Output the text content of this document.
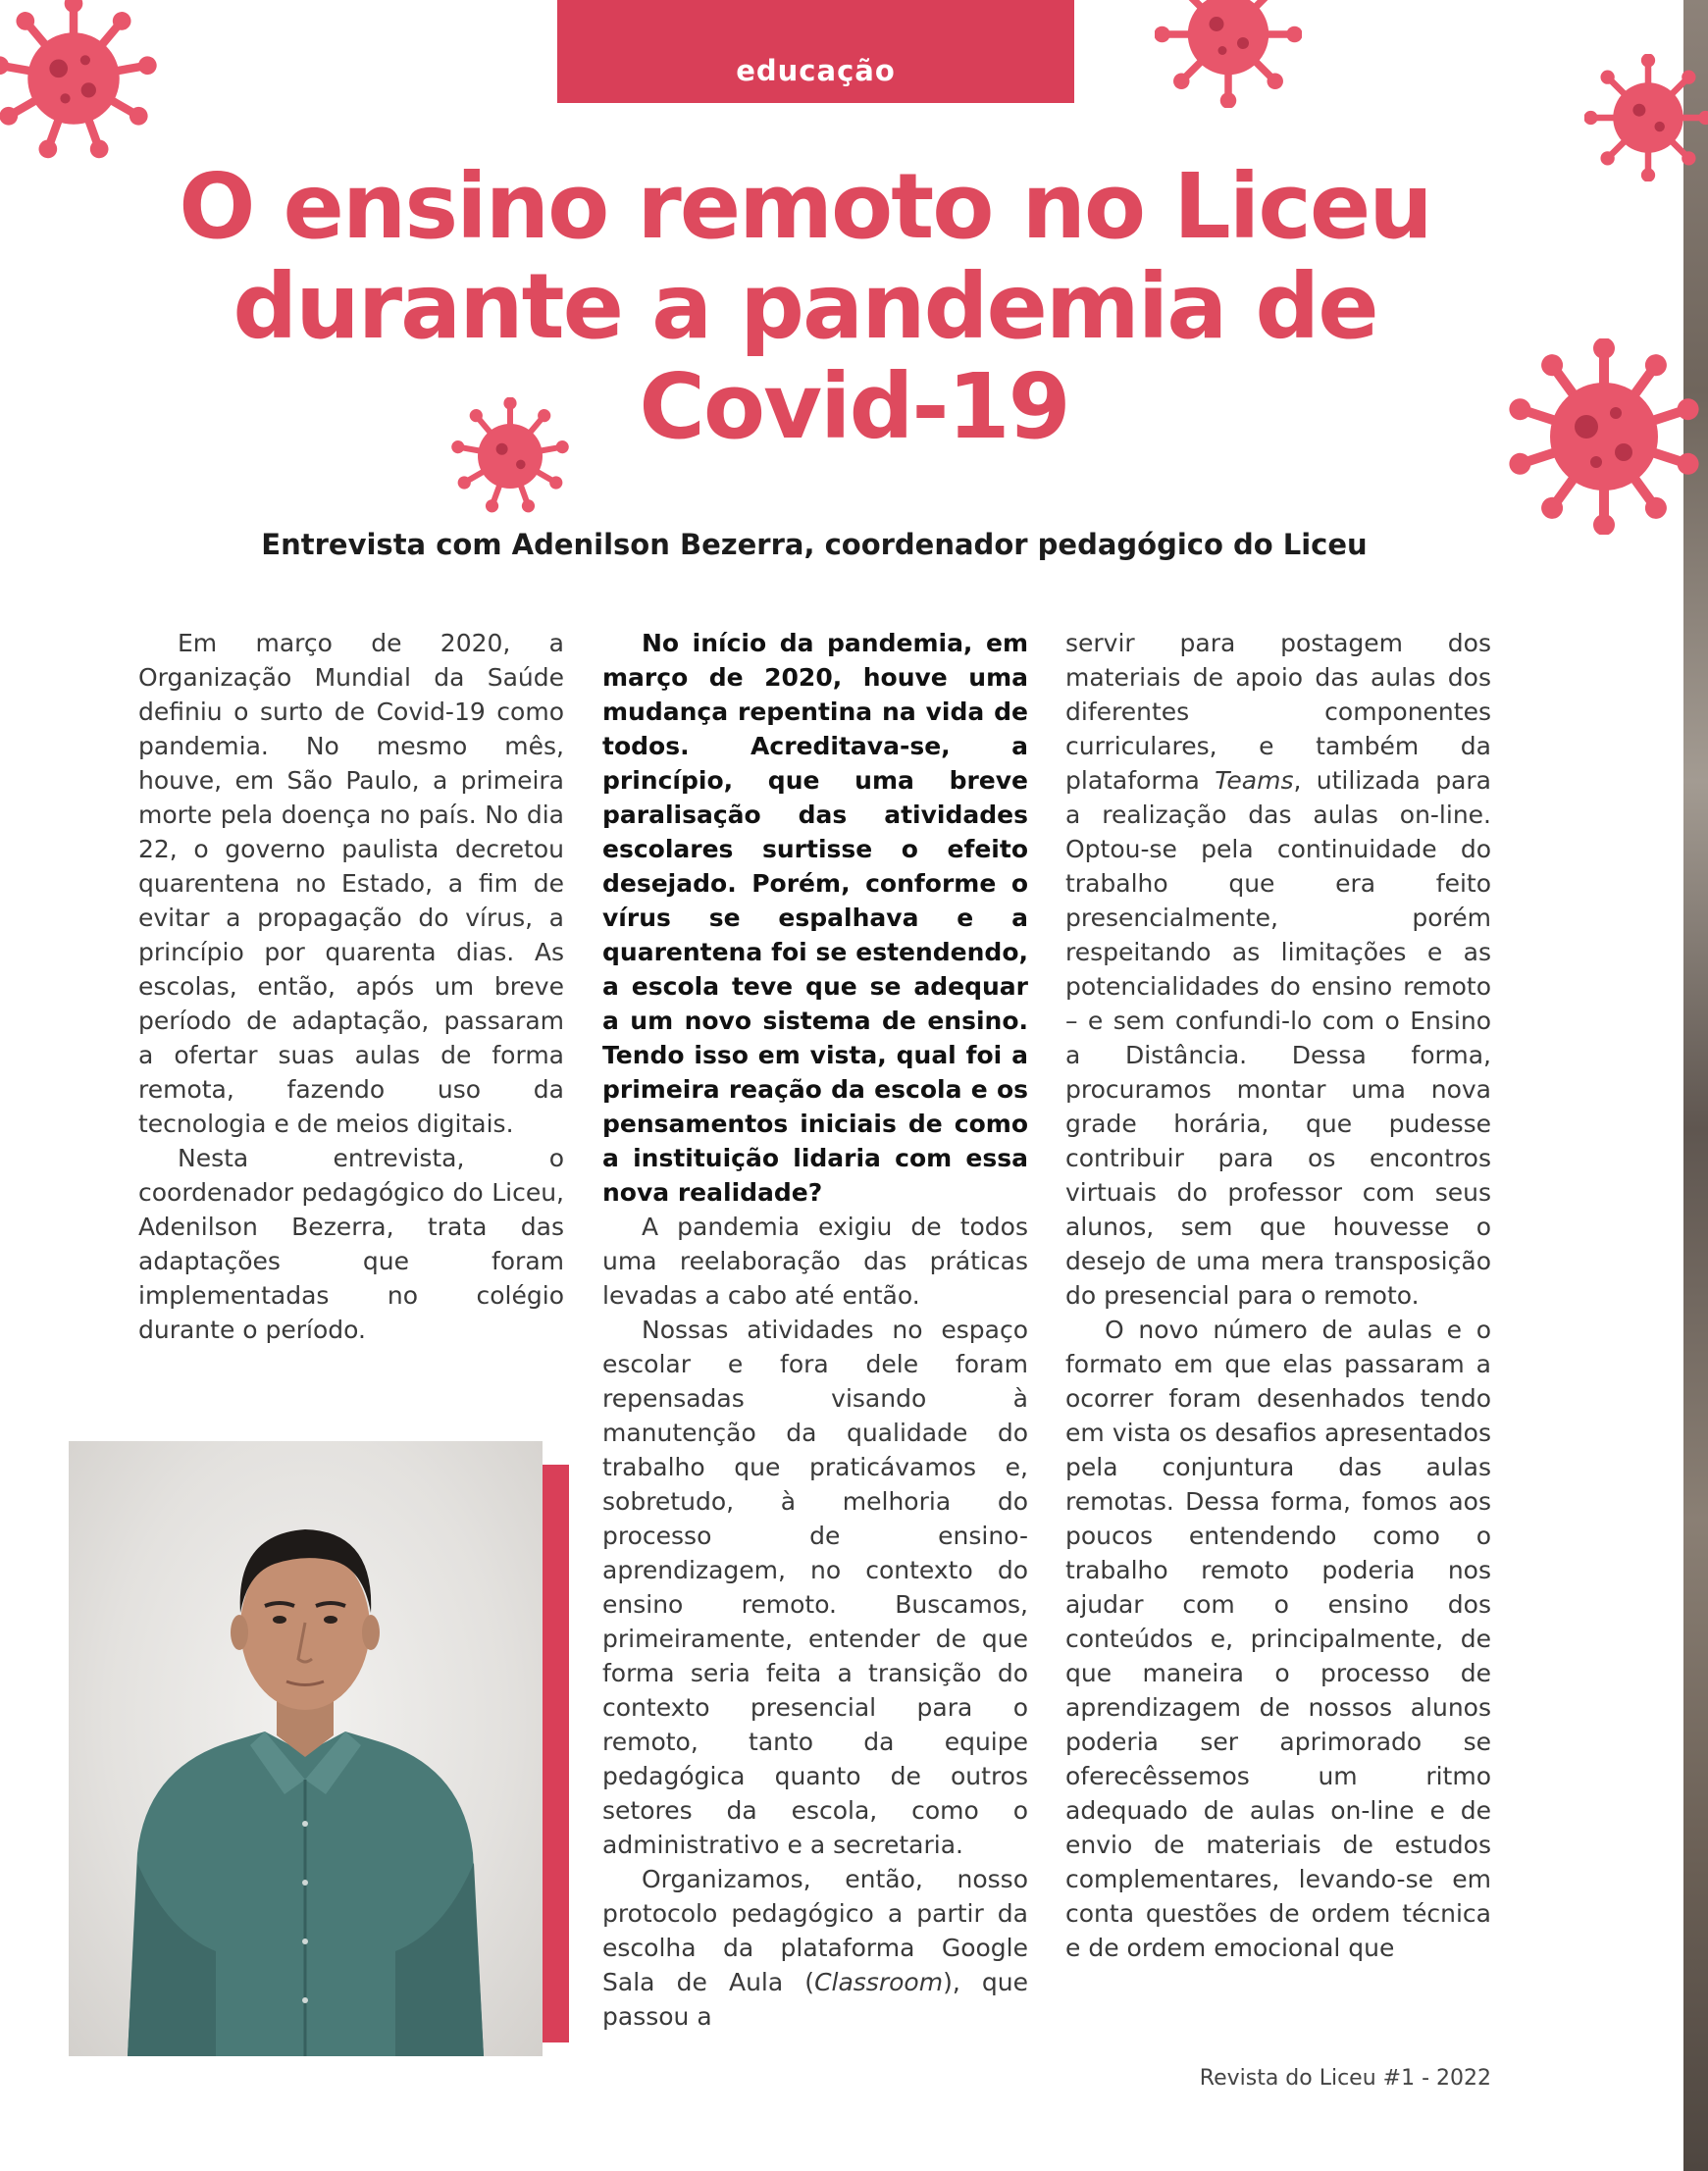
educação
O ensino remoto no Liceu
durante a pandemia de
Covid-19
Entrevista com Adenilson Bezerra, coordenador pedagógico do Liceu

Em março de 2020, a Organização Mundial da Saúde definiu o surto de Covid-19 como pandemia. No mesmo mês, houve, em São Paulo, a primeira morte pela doença no país. No dia 22, o governo paulista decretou quarentena no Estado, a fim de evitar a propagação do vírus, a princípio por quarenta dias. As escolas, então, após um breve período de adaptação, passaram a ofertar suas aulas de forma remota, fazendo uso da tecnologia e de meios digitais.

Nesta entrevista, o coordenador pedagógico do Liceu, Adenilson Bezerra, trata das adaptações que foram implementadas no colégio durante o período.

No início da pandemia, em março de 2020, houve uma mudança repentina na vida de todos. Acreditava-se, a princípio, que uma breve paralisação das atividades escolares surtisse o efeito desejado. Porém, conforme o vírus se espalhava e a quarentena foi se estendendo, a escola teve que se adequar a um novo sistema de ensino. Tendo isso em vista, qual foi a primeira reação da escola e os pensamentos iniciais de como a instituição lidaria com essa nova realidade?

A pandemia exigiu de todos uma reelaboração das práticas levadas a cabo até então.

Nossas atividades no espaço escolar e fora dele foram repensadas visando à manutenção da qualidade do trabalho que praticávamos e, sobretudo, à melhoria do processo de ensino-aprendizagem, no contexto do ensino remoto. Buscamos, primeiramente, entender de que forma seria feita a transição do contexto presencial para o remoto, tanto da equipe pedagógica quanto de outros setores da escola, como o administrativo e a secretaria.

Organizamos, então, nosso protocolo pedagógico a partir da escolha da plataforma Google Sala de Aula (Classroom), que passou a

servir para postagem dos materiais de apoio das aulas dos diferentes componentes curriculares, e também da plataforma Teams, utilizada para a realização das aulas on-line. Optou-se pela continuidade do trabalho que era feito presencialmente, porém respeitando as limitações e as potencialidades do ensino remoto – e sem confundi-lo com o Ensino a Distância. Dessa forma, procuramos montar uma nova grade horária, que pudesse contribuir para os encontros virtuais do professor com seus alunos, sem que houvesse o desejo de uma mera transposição do presencial para o remoto.

O novo número de aulas e o formato em que elas passaram a ocorrer foram desenhados tendo em vista os desafios apresentados pela conjuntura das aulas remotas. Dessa forma, fomos aos poucos entendendo como o trabalho remoto poderia nos ajudar com o ensino dos conteúdos e, principalmente, de que maneira o processo de aprendizagem de nossos alunos poderia ser aprimorado se oferecêssemos um ritmo adequado de aulas on-line e de envio de materiais de estudos complementares, levando-se em conta questões de ordem técnica e de ordem emocional que

Revista do Liceu #1 - 2022
